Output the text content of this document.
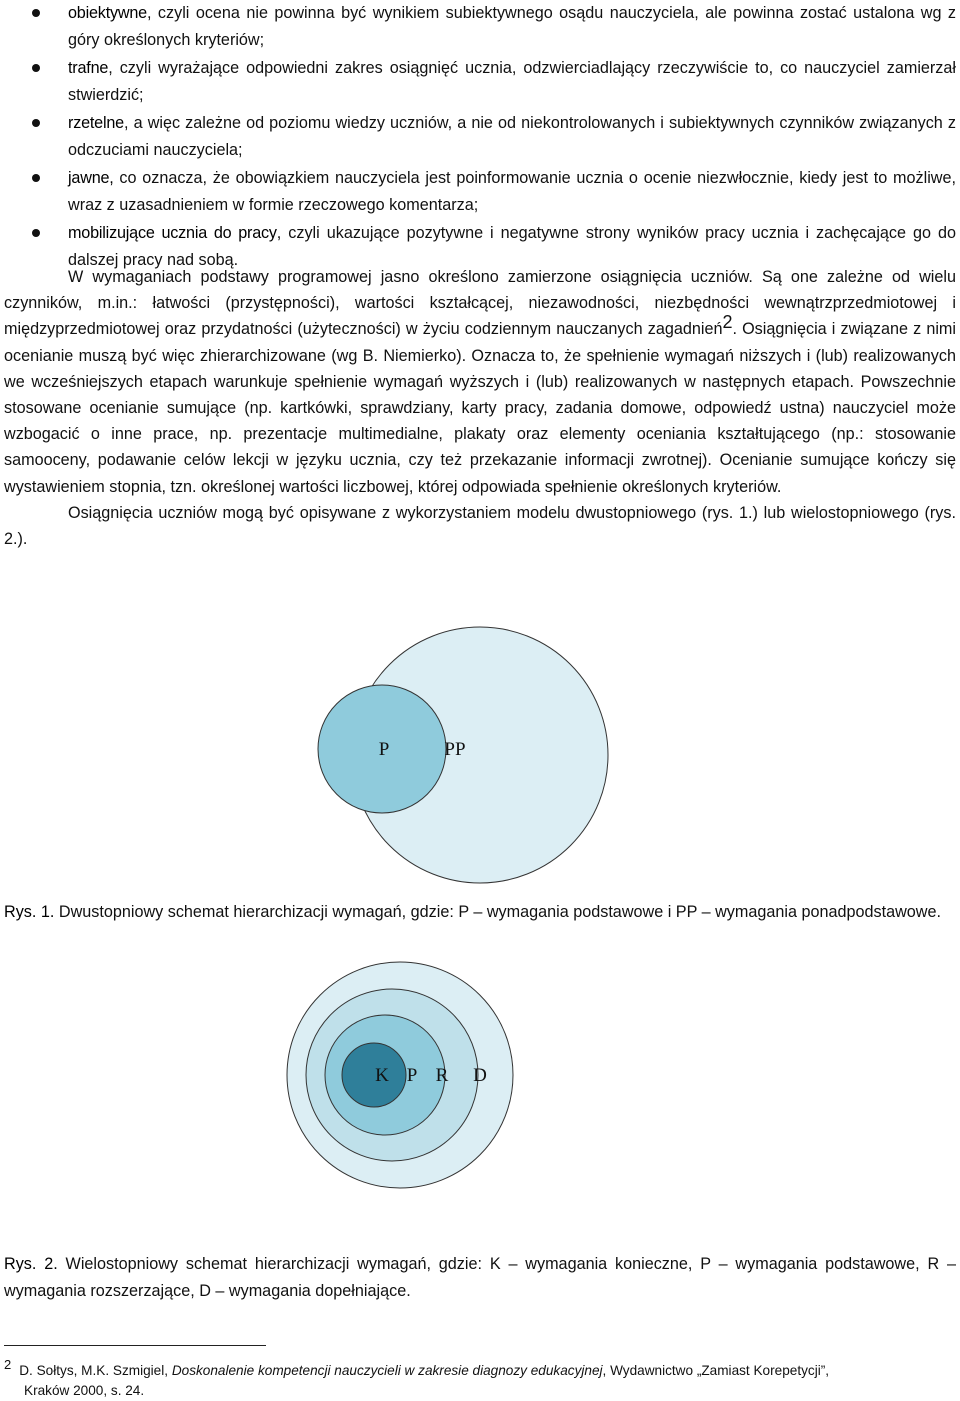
obiektywne, czyli ocena nie powinna być wynikiem subiektywnego osądu nauczyciela, ale powinna zostać ustalona wg z góry określonych kryteriów;
trafne, czyli wyrażające odpowiedni zakres osiągnięć ucznia, odzwierciadlający rzeczywiście to, co nauczyciel zamierzał stwierdzić;
rzetelne, a więc zależne od poziomu wiedzy uczniów, a nie od niekontrolowanych i subiektywnych czynników związanych z odczuciami nauczyciela;
jawne, co oznacza, że obowiązkiem nauczyciela jest poinformowanie ucznia o ocenie niezwłocznie, kiedy jest to możliwe, wraz z uzasadnieniem w formie rzeczowego komentarza;
mobilizujące ucznia do pracy, czyli ukazujące pozytywne i negatywne strony wyników pracy ucznia i zachęcające go do dalszej pracy nad sobą.

W wymaganiach podstawy programowej jasno określono zamierzone osiągnięcia uczniów. Są one zależne od wielu czynników, m.in.: łatwości (przystępności), wartości kształcącej, niezawodności, niezbędności wewnątrzprzedmiotowej i międzyprzedmiotowej oraz przydatności (użyteczności) w życiu codziennym nauczanych zagadnień$^2$. Osiągnięcia i związane z nimi ocenianie muszą być więc zhierarchizowane (wg B. Niemierko). Oznacza to, że spełnienie wymagań niższych i (lub) realizowanych we wcześniejszych etapach warunkuje spełnienie wymagań wyższych i (lub) realizowanych w następnych etapach. Powszechnie stosowane ocenianie sumujące (np. kartkówki, sprawdziany, karty pracy, zadania domowe, odpowiedź ustna) nauczyciel może wzbogacić o inne prace, np. prezentacje multimedialne, plakaty oraz elementy oceniania kształtującego (np.: stosowanie samooceny, podawanie celów lekcji w języku ucznia, czy też przekazanie informacji zwrotnej). Ocenianie sumujące kończy się wystawieniem stopnia, tzn. określonej wartości liczbowej, której odpowiada spełnienie określonych kryteriów.

Osiągnięcia uczniów mogą być opisywane z wykorzystaniem modelu dwustopniowego (rys. 1.) lub wielostopniowego (rys. 2.).

P	PP
Rys. 1. Dwustopniowy schemat hierarchizacji wymagań, gdzie: P – wymagania podstawowe i PP – wymagania ponadpodstawowe.
K P R D
Rys. 2. Wielostopniowy schemat hierarchizacji wymagań, gdzie: K – wymagania konieczne, P – wymagania podstawowe, R – wymagania rozszerzające, D – wymagania dopełniające.
2 D. Sołtys, M.K. Szmigiel, Doskonalenie kompetencji nauczycieli w zakresie diagnozy edukacyjnej, Wydawnictwo „Zamiast Korepetycji”,
Kraków 2000, s. 24.
